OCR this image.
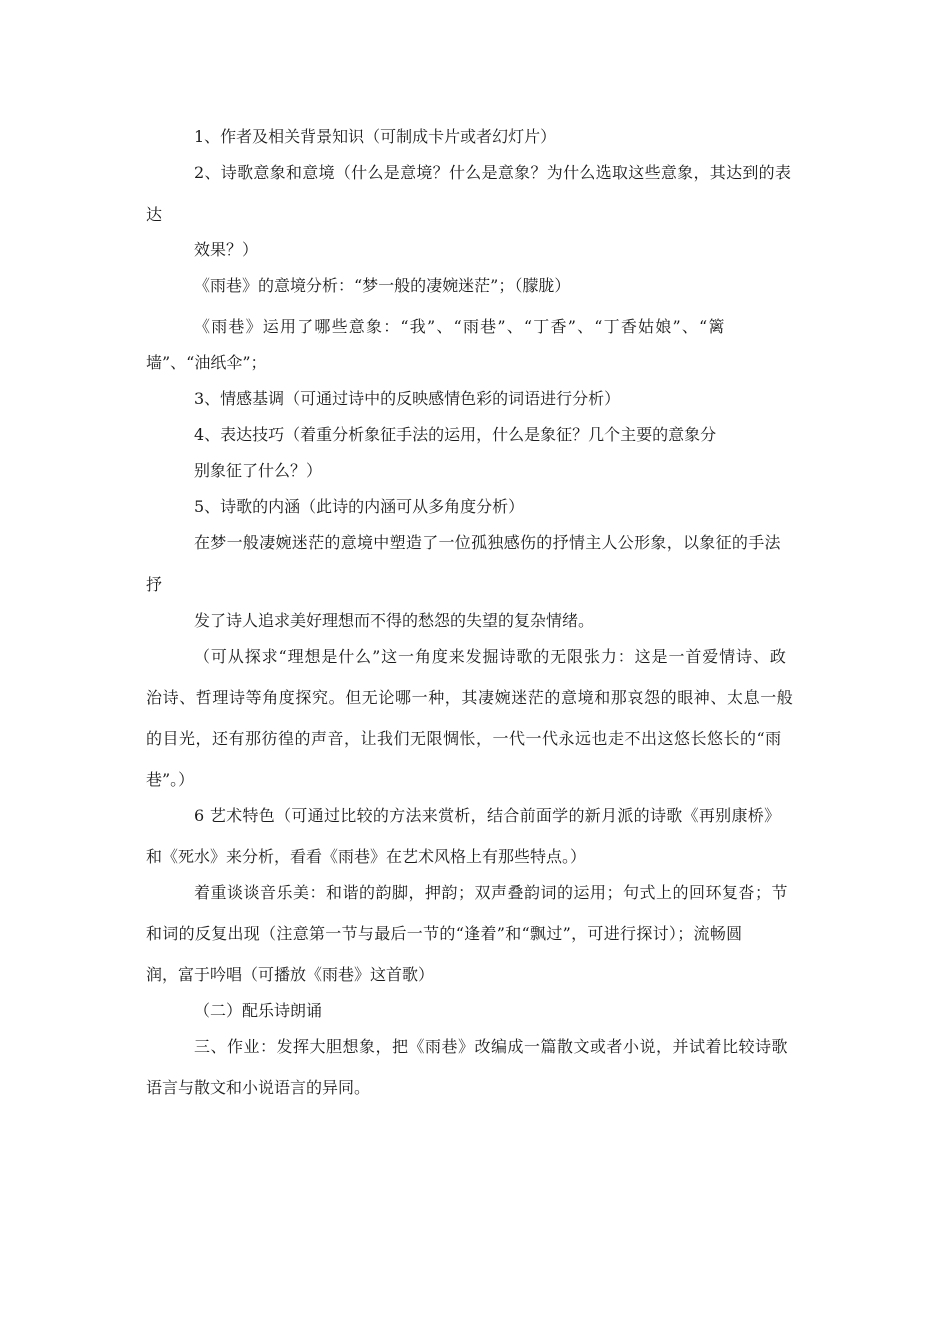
1、作者及相关背景知识（可制成卡片或者幻灯片）
2、诗歌意象和意境（什么是意境？什么是意象？为什么选取这些意象，其达到的表
达
效果？）
《雨巷》的意境分析：“梦一般的凄婉迷茫”；（朦胧）
《雨巷》运用了哪些意象：“我”、“雨巷”、“丁香”、“丁香姑娘”、“篱
墙”、“油纸伞”；
3、情感基调（可通过诗中的反映感情色彩的词语进行分析）
4、表达技巧（着重分析象征手法的运用，什么是象征？几个主要的意象分
别象征了什么？）
5、诗歌的内涵（此诗的内涵可从多角度分析）
在梦一般凄婉迷茫的意境中塑造了一位孤独感伤的抒情主人公形象，以象征的手法
抒
发了诗人追求美好理想而不得的愁怨的失望的复杂情绪。
（可从探求“理想是什么”这一角度来发掘诗歌的无限张力：这是一首爱情诗、政
治诗、哲理诗等角度探究。但无论哪一种，其凄婉迷茫的意境和那哀怨的眼神、太息一般
的目光，还有那彷徨的声音，让我们无限惆怅，一代一代永远也走不出这悠长悠长的“雨
巷”。）
6 艺术特色（可通过比较的方法来赏析，结合前面学的新月派的诗歌《再别康桥》
和《死水》来分析，看看《雨巷》在艺术风格上有那些特点。）
着重谈谈音乐美：和谐的韵脚，押韵；双声叠韵词的运用；句式上的回环复沓；节
和词的反复出现（注意第一节与最后一节的“逢着”和“飘过”，可进行探讨）；流畅圆
润，富于吟唱（可播放《雨巷》这首歌）
（二）配乐诗朗诵
三、作业：发挥大胆想象，把《雨巷》改编成一篇散文或者小说，并试着比较诗歌
语言与散文和小说语言的异同。
